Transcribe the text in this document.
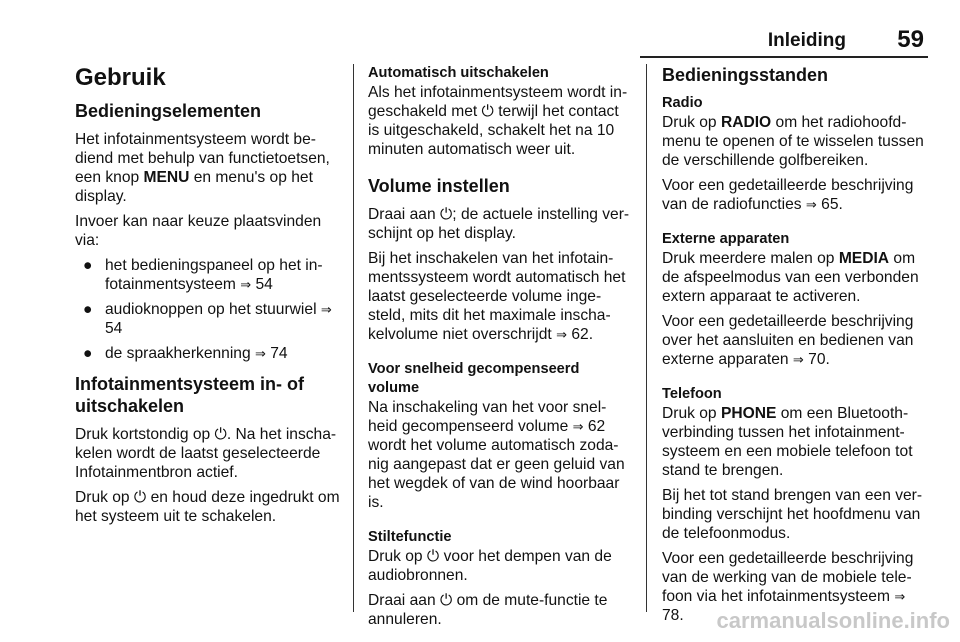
Inleiding 59
Gebruik
Bedieningselementen

Het infotainmentsysteem wordt be-diend met behulp van functietoetsen, een knop MENU en menu's op het display.

Invoer kan naar keuze plaatsvinden via:

● het bedieningspaneel op het in-fotainmentsysteem ⇒ 54
● audioknoppen op het stuurwiel ⇒ 54
● de spraakherkenning ⇒ 74
Infotainmentsysteem in- of uitschakelen

Druk kortstondig op ⏻. Na het inscha-kelen wordt de laatst geselecteerde Infotainmentbron actief.

Druk op ⏻ en houd deze ingedrukt om het systeem uit te schakelen.

Automatisch uitschakelen

Als het infotainmentsysteem wordt in-geschakeld met ⏻ terwijl het contact is uitgeschakeld, schakelt het na 10 minuten automatisch weer uit.

Volume instellen

Draai aan ⏻; de actuele instelling ver-schijnt op het display.

Bij het inschakelen van het infotain-mentssysteem wordt automatisch het laatst geselecteerde volume inge-steld, mits dit het maximale inscha-kelvolume niet overschrijdt ⇒ 62.

Voor snelheid gecompenseerd volume

Na inschakeling van het voor snel-heid gecompenseerd volume ⇒ 62 wordt het volume automatisch zoda-nig aangepast dat er geen geluid van het wegdek of van de wind hoorbaar is.

Stiltefunctie

Druk op ⏻ voor het dempen van de audiobronnen.

Draai aan ⏻ om de mute-functie te annuleren.

Bedieningsstanden
Radio

Druk op RADIO om het radiohoofd-menu te openen of te wisselen tussen de verschillende golfbereiken.

Voor een gedetailleerde beschrijving van de radiofuncties ⇒ 65.

Externe apparaten

Druk meerdere malen op MEDIA om de afspeelmodus van een verbonden extern apparaat te activeren.

Voor een gedetailleerde beschrijving over het aansluiten en bedienen van externe apparaten ⇒ 70.

Telefoon

Druk op PHONE om een Bluetooth-verbinding tussen het infotainment-systeem en een mobiele telefoon tot stand te brengen.

Bij het tot stand brengen van een ver-binding verschijnt het hoofdmenu van de telefoonmodus.

Voor een gedetailleerde beschrijving van de werking van de mobiele tele-foon via het infotainmentsysteem ⇒ 78.	carmanualsonline.info
